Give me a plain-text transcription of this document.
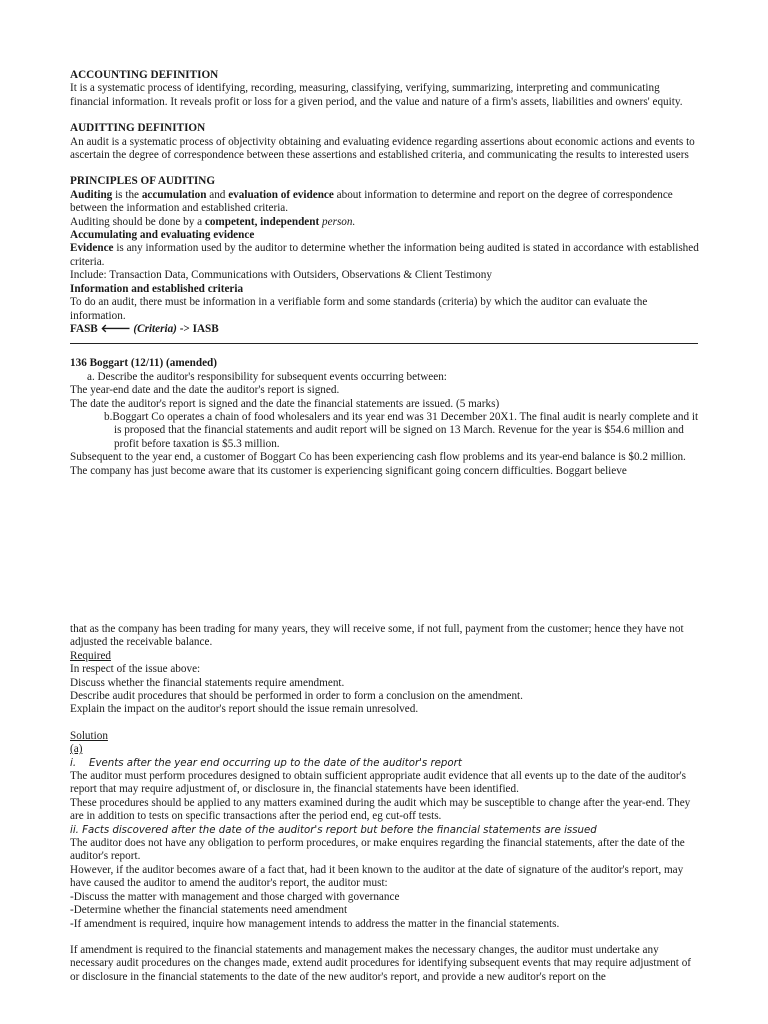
ACCOUNTING DEFINITION

It is a systematic process of identifying, recording, measuring, classifying, verifying, summarizing, interpreting and communicating financial information. It reveals profit or loss for a given period, and the value and nature of a firm's assets, liabilities and owners' equity.

AUDITTING DEFINITION

An audit is a systematic process of objectivity obtaining and evaluating evidence regarding assertions about economic actions and events to ascertain the degree of correspondence between these assertions and established criteria, and communicating the results to interested users

PRINCIPLES OF AUDITING

Auditing is the accumulation and evaluation of evidence about information to determine and report on the degree of correspondence between the information and established criteria.

Auditing should be done by a competent, independent person.

Accumulating and evaluating evidence

Evidence is any information used by the auditor to determine whether the information being audited is stated in accordance with established criteria.

Include: Transaction Data, Communications with Outsiders, Observations & Client Testimony

Information and established criteria

To do an audit, there must be information in a verifiable form and some standards (criteria) by which the auditor can evaluate the information.

FASB 🡐 (Criteria) -> IASB

136 Boggart (12/11) (amended)

a. Describe the auditor's responsibility for subsequent events occurring between:

The year-end date and the date the auditor's report is signed.

The date the auditor's report is signed and the date the financial statements are issued. (5 marks)

b.Boggart Co operates a chain of food wholesalers and its year end was 31 December 20X1. The final audit is nearly complete and it is proposed that the financial statements and audit report will be signed on 13 March. Revenue for the year is $54.6 million and profit before taxation is $5.3 million.

Subsequent to the year end, a customer of Boggart Co has been experiencing cash flow problems and its year-end balance is $0.2 million. The company has just become aware that its customer is experiencing significant going concern difficulties. Boggart believe

that as the company has been trading for many years, they will receive some, if not full, payment from the customer; hence they have not adjusted the receivable balance.

Required

In respect of the issue above:

Discuss whether the financial statements require amendment.

Describe audit procedures that should be performed in order to form a conclusion on the amendment.

Explain the impact on the auditor's report should the issue remain unresolved.

Solution

(a)

i. Events after the year end occurring up to the date of the auditor's report

The auditor must perform procedures designed to obtain sufficient appropriate audit evidence that all events up to the date of the auditor's report that may require adjustment of, or disclosure in, the financial statements have been identified.

These procedures should be applied to any matters examined during the audit which may be susceptible to change after the year-end. They are in addition to tests on specific transactions after the period end, eg cut-off tests.

ii. Facts discovered after the date of the auditor's report but before the financial statements are issued

The auditor does not have any obligation to perform procedures, or make enquires regarding the financial statements, after the date of the auditor's report.

However, if the auditor becomes aware of a fact that, had it been known to the auditor at the date of signature of the auditor's report, may have caused the auditor to amend the auditor's report, the auditor must:

-Discuss the matter with management and those charged with governance

-Determine whether the financial statements need amendment

-If amendment is required, inquire how management intends to address the matter in the financial statements.

If amendment is required to the financial statements and management makes the necessary changes, the auditor must undertake any necessary audit procedures on the changes made, extend audit procedures for identifying subsequent events that may require adjustment of or disclosure in the financial statements to the date of the new auditor's report, and provide a new auditor's report on the
